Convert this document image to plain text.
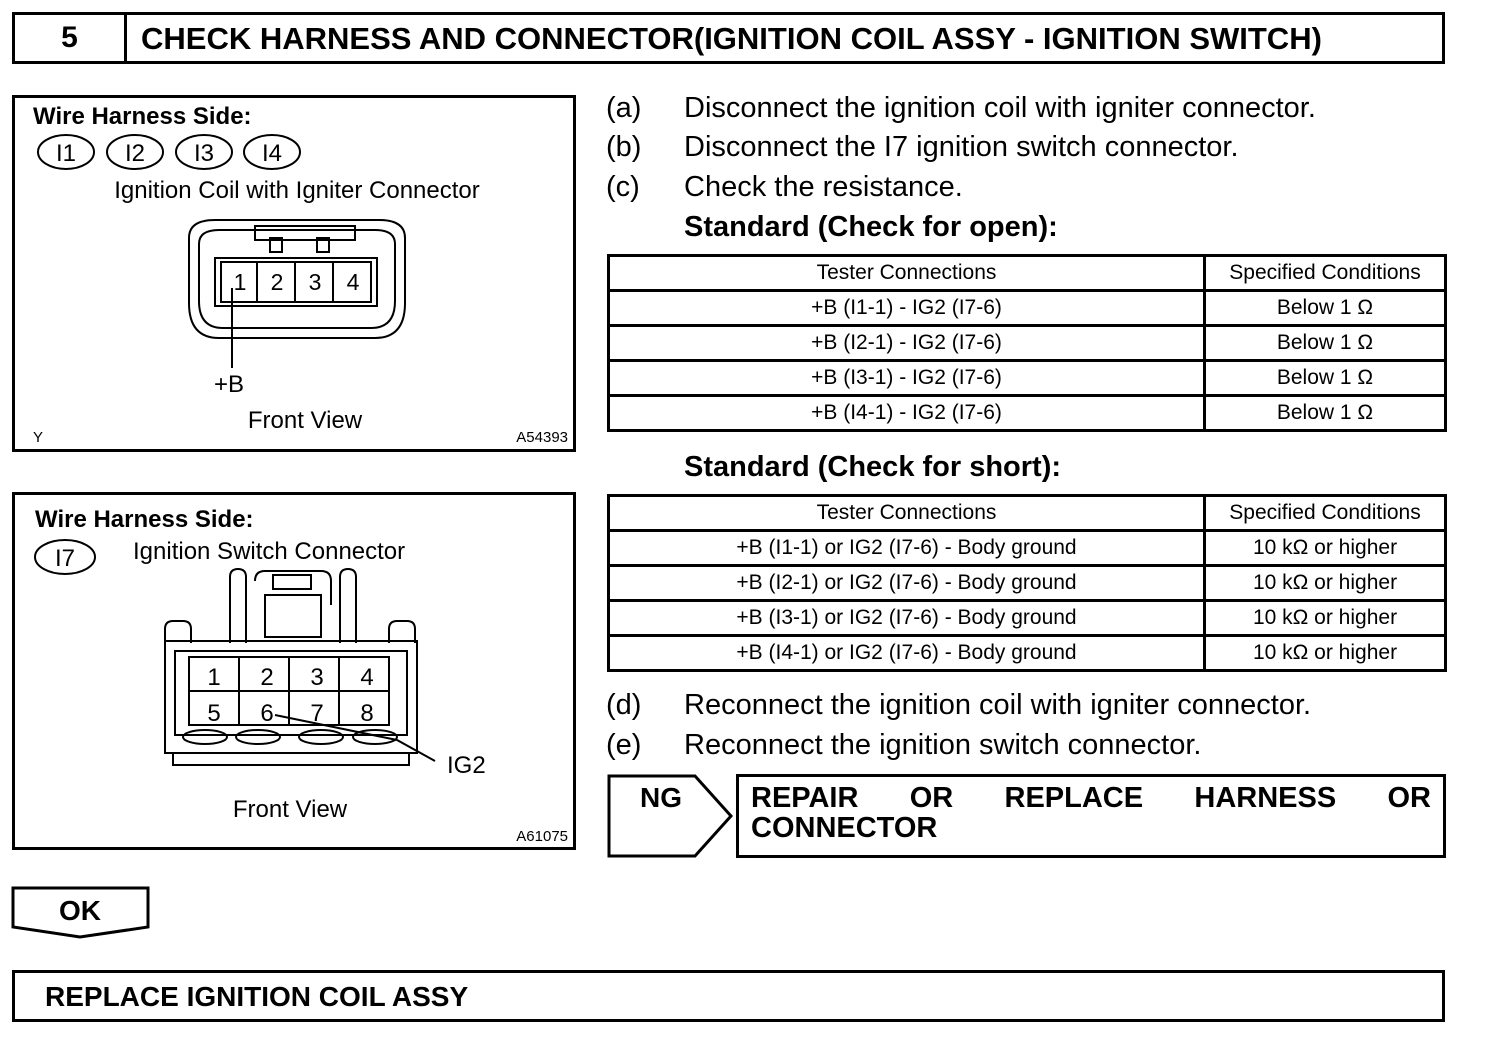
5	CHECK HARNESS AND CONNECTOR(IGNITION COIL ASSY - IGNITION SWITCH)
Wire Harness Side:
I1 I2 I3 I4
Ignition Coil with Igniter Connector
1 2 3 4
+B
Front View
Y	A54393
Wire Harness Side:
I7 Ignition Switch Connector
1 2 3 4
5 6 7 8
IG2
Front View
A61075
(a) Disconnect the ignition coil with igniter connector.
(b) Disconnect the I7 ignition switch connector.
(c) Check the resistance.
Standard (Check for open):
Tester Connections	Specified Conditions
+B (I1-1) - IG2 (I7-6)	Below 1 Ω
+B (I2-1) - IG2 (I7-6)	Below 1 Ω
+B (I3-1) - IG2 (I7-6)	Below 1 Ω
+B (I4-1) - IG2 (I7-6)	Below 1 Ω
Standard (Check for short):
Tester Connections	Specified Conditions
+B (I1-1) or IG2 (I7-6) - Body ground	10 kΩ or higher
+B (I2-1) or IG2 (I7-6) - Body ground	10 kΩ or higher
+B (I3-1) or IG2 (I7-6) - Body ground	10 kΩ or higher
+B (I4-1) or IG2 (I7-6) - Body ground	10 kΩ or higher
(d) Reconnect the ignition coil with igniter connector.
(e) Reconnect the ignition switch connector.
NG REPAIR OR REPLACE HARNESS OR CONNECTOR
OK
REPLACE IGNITION COIL ASSY
